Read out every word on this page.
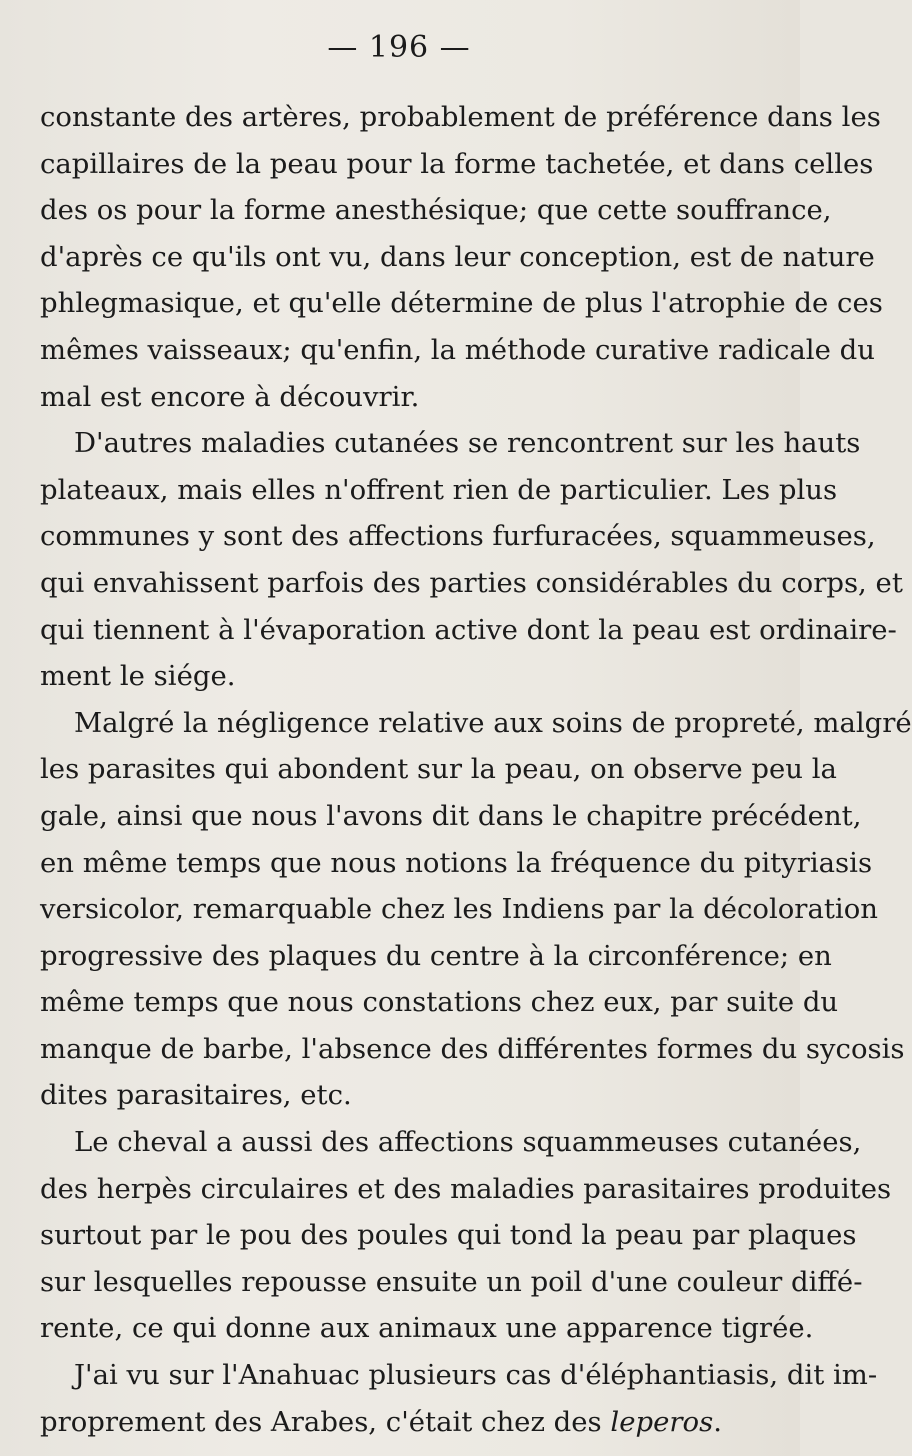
— 196 —

constante des artères, probablement de préférence dans les
capillaires de la peau pour la forme tachetée, et dans celles
des os pour la forme anesthésique; que cette souffrance,
d'après ce qu'ils ont vu, dans leur conception, est de nature
phlegmasique, et qu'elle détermine de plus l'atrophie de ces
mêmes vaisseaux; qu'enfin, la méthode curative radicale du
mal est encore à découvrir.

D'autres maladies cutanées se rencontrent sur les hauts
plateaux, mais elles n'offrent rien de particulier. Les plus
communes y sont des affections furfuracées, squammeuses,
qui envahissent parfois des parties considérables du corps, et
qui tiennent à l'évaporation active dont la peau est ordinaire-
ment le siége.

Malgré la négligence relative aux soins de propreté, malgré
les parasites qui abondent sur la peau, on observe peu la
gale, ainsi que nous l'avons dit dans le chapitre précédent,
en même temps que nous notions la fréquence du pityriasis
versicolor, remarquable chez les Indiens par la décoloration
progressive des plaques du centre à la circonférence; en
même temps que nous constations chez eux, par suite du
manque de barbe, l'absence des différentes formes du sycosis
dites parasitaires, etc.

Le cheval a aussi des affections squammeuses cutanées,
des herpès circulaires et des maladies parasitaires produites
surtout par le pou des poules qui tond la peau par plaques
sur lesquelles repousse ensuite un poil d'une couleur diffé-
rente, ce qui donne aux animaux une apparence tigrée.

J'ai vu sur l'Anahuac plusieurs cas d'éléphantiasis, dit im-
proprement des Arabes, c'était chez des leperos.
